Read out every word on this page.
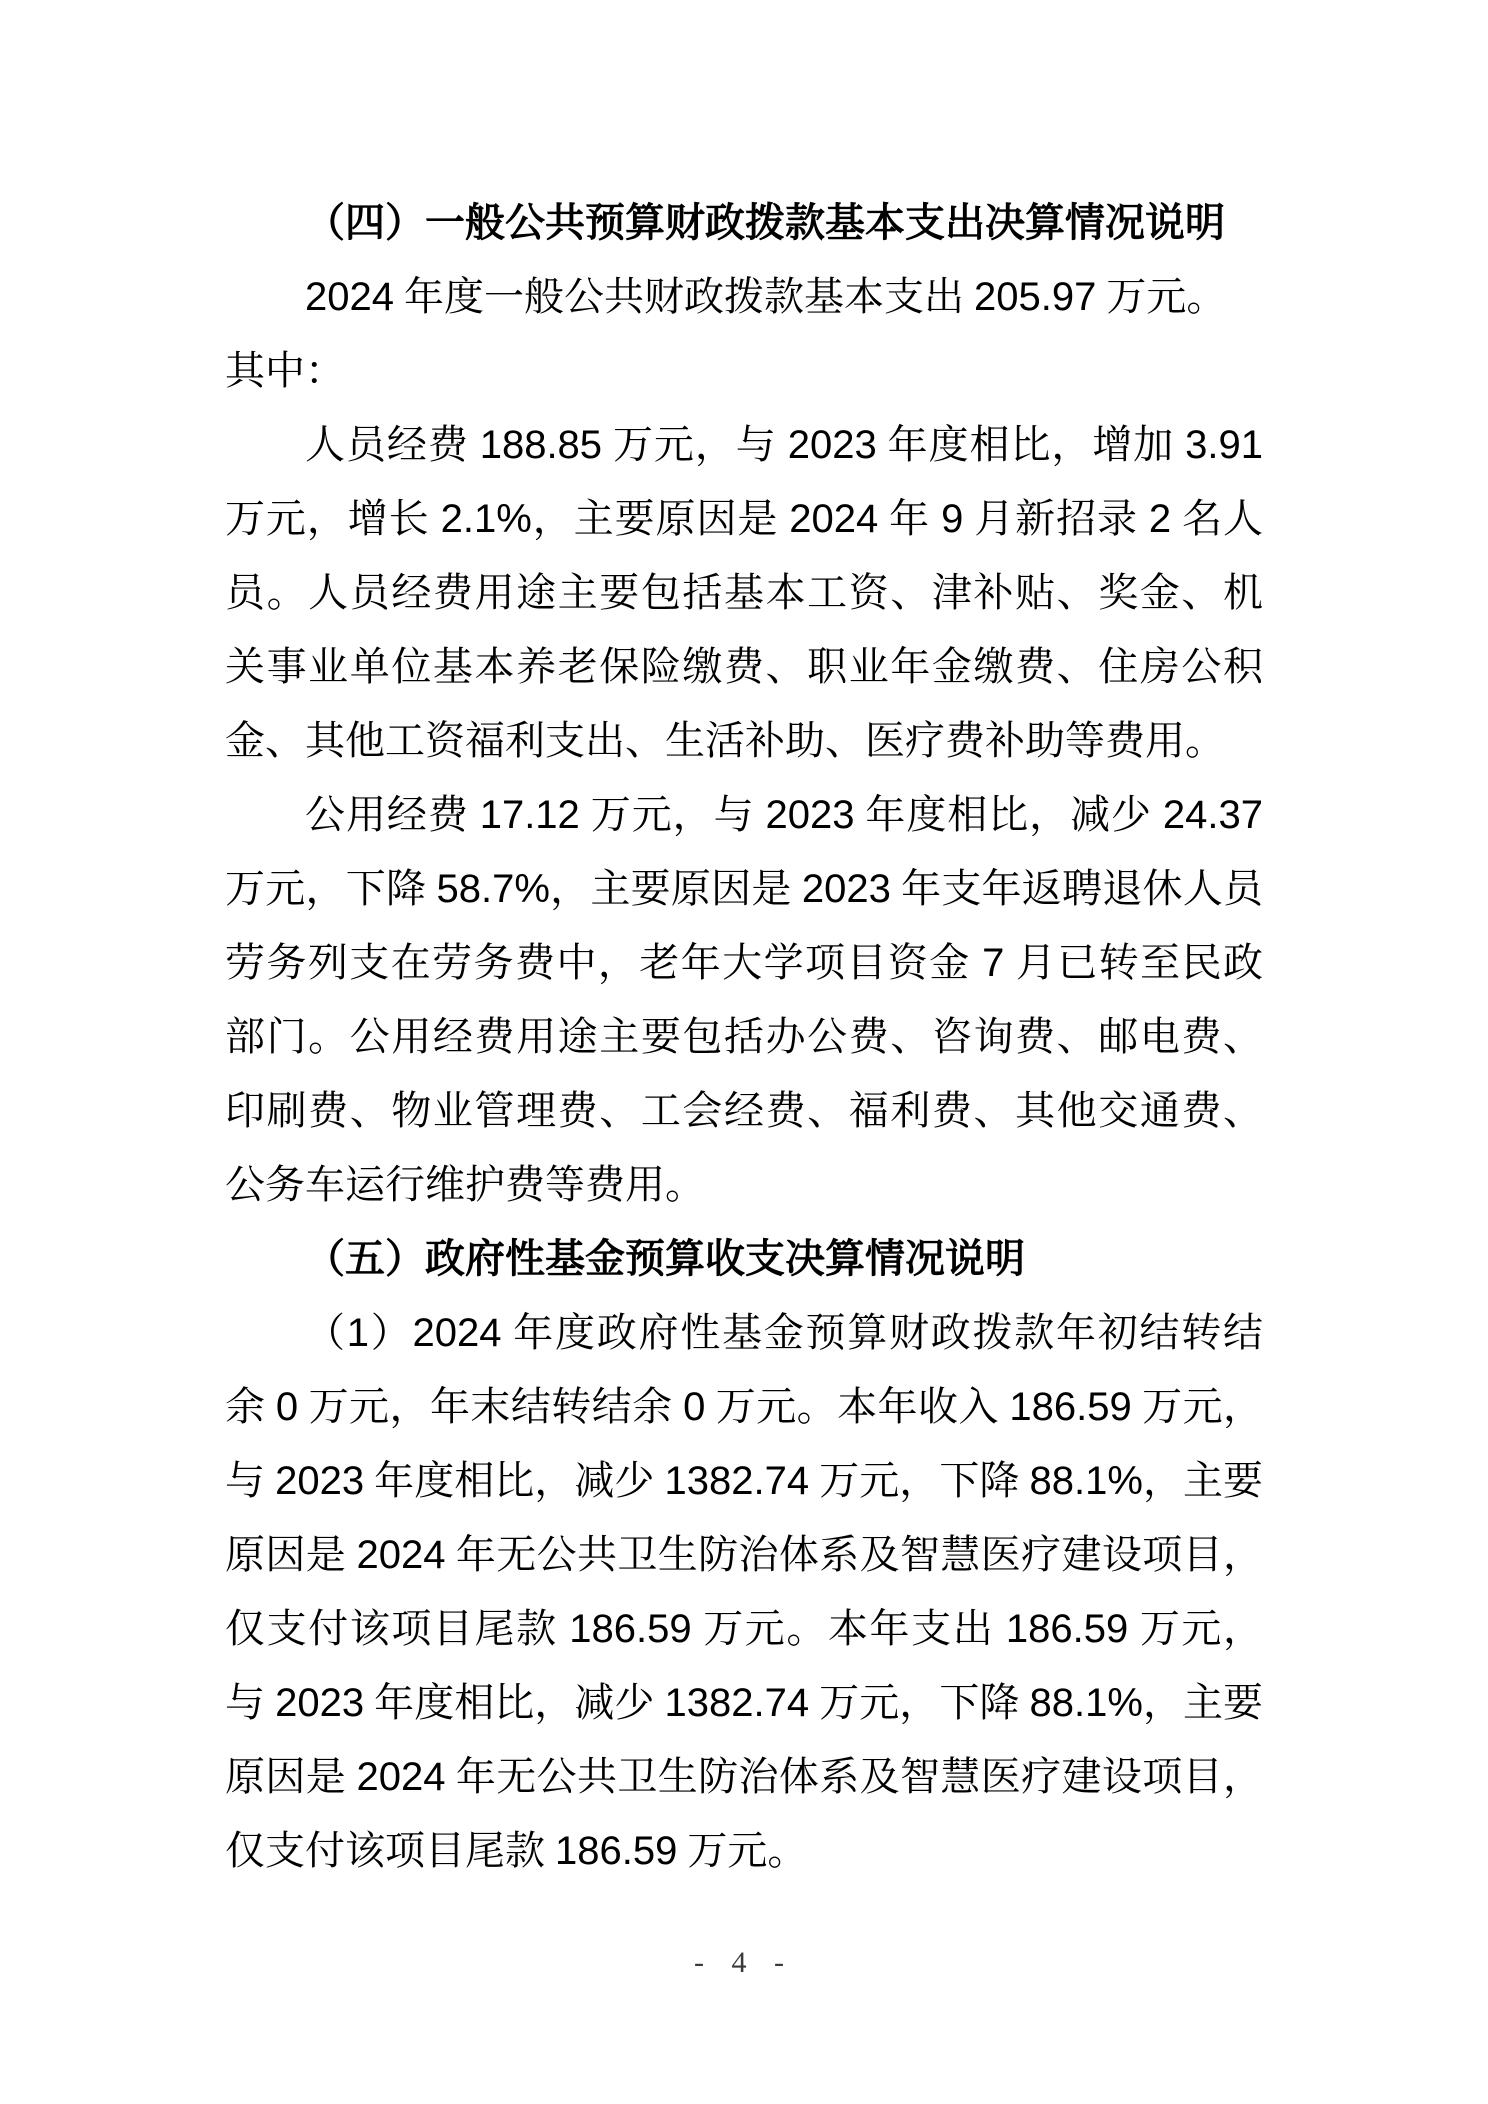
（四）一般公共预算财政拨款基本支出决算情况说明

2024 年度一般公共财政拨款基本支出 205.97 万元。

其中：

人员经费 188.85 万元，与 2023 年度相比，增加 3.91 万元，增长 2.1%，主要原因是 2024 年 9 月新招录 2 名人员。人员经费用途主要包括基本工资、津补贴、奖金、机关事业单位基本养老保险缴费、职业年金缴费、住房公积金、其他工资福利支出、生活补助、医疗费补助等费用。

公用经费 17.12 万元，与 2023 年度相比，减少 24.37 万元，下降 58.7%，主要原因是 2023 年支年返聘退休人员劳务列支在劳务费中，老年大学项目资金 7 月已转至民政部门。公用经费用途主要包括办公费、咨询费、邮电费、印刷费、物业管理费、工会经费、福利费、其他交通费、公务车运行维护费等费用。

（五）政府性基金预算收支决算情况说明

（1）2024 年度政府性基金预算财政拨款年初结转结余 0 万元，年末结转结余 0 万元。本年收入 186.59 万元，与 2023 年度相比，减少 1382.74 万元，下降 88.1%，主要原因是 2024 年无公共卫生防治体系及智慧医疗建设项目，仅支付该项目尾款 186.59 万元。本年支出 186.59 万元，与 2023 年度相比，减少 1382.74 万元，下降 88.1%，主要原因是 2024 年无公共卫生防治体系及智慧医疗建设项目，仅支付该项目尾款 186.59 万元。

- 4 -
